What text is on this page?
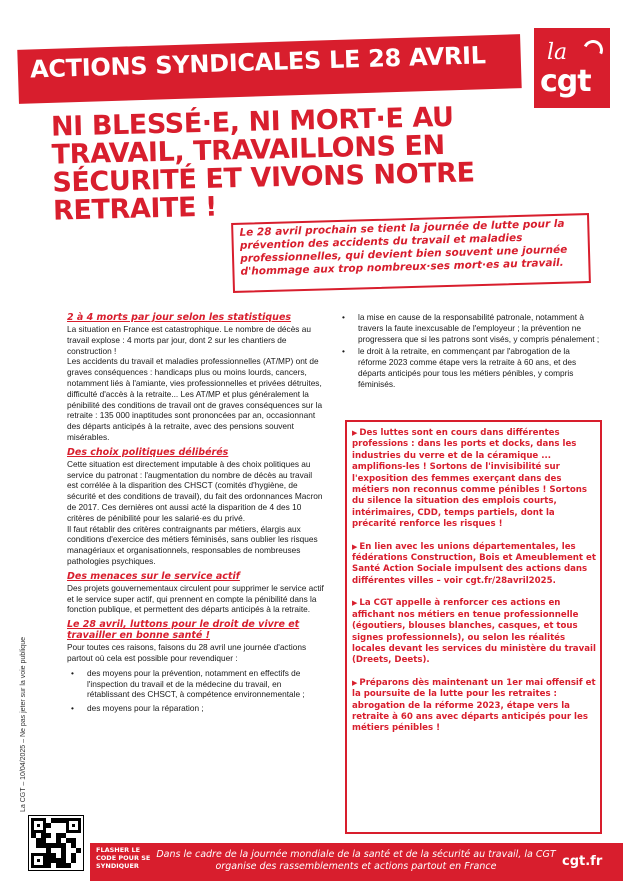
ACTIONS SYNDICALES LE 28 AVRIL	la
cgt
NI BLESSÉ·E, NI MORT·E AU TRAVAIL, TRAVAILLONS EN SÉCURITÉ ET VIVONS NOTRE RETRAITE !
Le 28 avril prochain se tient la journée de lutte pour la prévention des accidents du travail et maladies professionnelles, qui devient bien souvent une journée d'hommage aux trop nombreux·ses mort·es au travail.
2 à 4 morts par jour selon les statistiques

La situation en France est catastrophique. Le nombre de décès au travail explose : 4 morts par jour, dont 2 sur les chantiers de construction !

Les accidents du travail et maladies professionnelles (AT/MP) ont de graves conséquences : handicaps plus ou moins lourds, cancers, notamment liés à l'amiante, vies professionnelles et privées détruites, difficulté d'accès à la retraite... Les AT/MP et plus généralement la pénibilité des conditions de travail ont de graves conséquences sur la retraite : 135 000 inaptitudes sont prononcées par an, occasionnant des départs anticipés à la retraite, avec des pensions souvent misérables.

Des choix politiques délibérés

Cette situation est directement imputable à des choix politiques au service du patronat : l'augmentation du nombre de décès au travail est corrélée à la disparition des CHSCT (comités d'hygiène, de sécurité et des conditions de travail), du fait des ordonnances Macron de 2017. Ces dernières ont aussi acté la disparition de 4 des 10 critères de pénibilité pour les salarié·es du privé.

Il faut rétablir des critères contraignants par métiers, élargis aux conditions d'exercice des métiers féminisés, sans oublier les risques managériaux et organisationnels, responsables de nombreuses pathologies psychiques.

Des menaces sur le service actif

Des projets gouvernementaux circulent pour supprimer le service actif et le service super actif, qui prennent en compte la pénibilité dans la fonction publique, et permettent des départs anticipés à la retraite.

Le 28 avril, luttons pour le droit de vivre et travailler en bonne santé !

Pour toutes ces raisons, faisons du 28 avril une journée d'actions partout où cela est possible pour revendiquer :

• des moyens pour la prévention, notamment en effectifs de l'inspection du travail et de la médecine du travail, en rétablissant des CHSCT, à compétence environnementale ;
• des moyens pour la réparation ;
• la mise en cause de la responsabilité patronale, notamment à travers la faute inexcusable de l'employeur ; la prévention ne progressera que si les patrons sont visés, y compris pénalement ;
• le droit à la retraite, en commençant par l'abrogation de la réforme 2023 comme étape vers la retraite à 60 ans, et des départs anticipés pour tous les métiers pénibles, y compris féminisés.
▶ Des luttes sont en cours dans différentes professions : dans les ports et docks, dans les industries du verre et de la céramique ... amplifions-les ! Sortons de l'invisibilité sur l'exposition des femmes exerçant dans des métiers non reconnus comme pénibles ! Sortons du silence la situation des emplois courts, intérimaires, CDD, temps partiels, dont la précarité renforce les risques !
▶ En lien avec les unions départementales, les fédérations Construction, Bois et Ameublement et Santé Action Sociale impulsent des actions dans différentes villes – voir cgt.fr/28avril2025.
▶ La CGT appelle à renforcer ces actions en affichant nos métiers en tenue professionnelle (égoutiers, blouses blanches, casques, et tous signes professionnels), ou selon les réalités locales devant les services du ministère du travail (Dreets, Deets).
▶ Préparons dès maintenant un 1er mai offensif et la poursuite de la lutte pour les retraites : abrogation de la réforme 2023, étape vers la retraite à 60 ans avec départs anticipés pour les métiers pénibles !
La CGT – 10/04/2025 – Ne pas jeter sur la voie publique
FLASHER LE CODE POUR SE SYNDIQUER
Dans le cadre de la journée mondiale de la santé et de la sécurité au travail, la CGT organise des rassemblements et actions partout en France	cgt.fr
